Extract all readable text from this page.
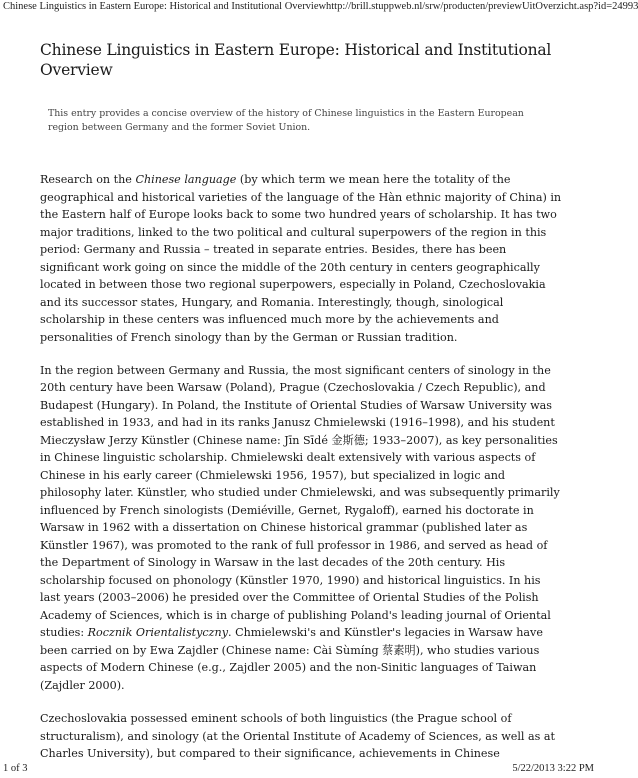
Chinese Linguistics in Eastern Europe: Historical and Institutional Overview http://brill.stuppweb.nl/srw/producten/previewUitOverzicht.asp?id=24993
Chinese Linguistics in Eastern Europe: Historical and Institutional Overview
This entry provides a concise overview of the history of Chinese linguistics in the Eastern European region between Germany and the former Soviet Union.

Research on the Chinese language (by which term we mean here the totality of the geographical and historical varieties of the language of the Hàn ethnic majority of China) in the Eastern half of Europe looks back to some two hundred years of scholarship. It has two major traditions, linked to the two political and cultural superpowers of the region in this period: Germany and Russia – treated in separate entries. Besides, there has been significant work going on since the middle of the 20th century in centers geographically located in between those two regional superpowers, especially in Poland, Czechoslovakia and its successor states, Hungary, and Romania. Interestingly, though, sinological scholarship in these centers was influenced much more by the achievements and personalities of French sinology than by the German or Russian tradition.

In the region between Germany and Russia, the most significant centers of sinology in the 20th century have been Warsaw (Poland), Prague (Czechoslovakia / Czech Republic), and Budapest (Hungary). In Poland, the Institute of Oriental Studies of Warsaw University was established in 1933, and had in its ranks Janusz Chmielewski (1916–1998), and his student Mieczysław Jerzy Künstler (Chinese name: Jīn Sīdé 金斯德; 1933–2007), as key personalities in Chinese linguistic scholarship. Chmielewski dealt extensively with various aspects of Chinese in his early career (Chmielewski 1956, 1957), but specialized in logic and philosophy later. Künstler, who studied under Chmielewski, and was subsequently primarily influenced by French sinologists (Demiéville, Gernet, Rygaloff), earned his doctorate in Warsaw in 1962 with a dissertation on Chinese historical grammar (published later as Künstler 1967), was promoted to the rank of full professor in 1986, and served as head of the Department of Sinology in Warsaw in the last decades of the 20th century. His scholarship focused on phonology (Künstler 1970, 1990) and historical linguistics. In his last years (2003–2006) he presided over the Committee of Oriental Studies of the Polish Academy of Sciences, which is in charge of publishing Poland's leading journal of Oriental studies: Rocznik Orientalistyczny. Chmielewski's and Künstler's legacies in Warsaw have been carried on by Ewa Zajdler (Chinese name: Cài Sùmíng 蔡素明), who studies various aspects of Modern Chinese (e.g., Zajdler 2005) and the non-Sinitic languages of Taiwan (Zajdler 2000).

Czechoslovakia possessed eminent schools of both linguistics (the Prague school of structuralism), and sinology (at the Oriental Institute of Academy of Sciences, as well as at Charles University), but compared to their significance, achievements in Chinese

1 of 3	5/22/2013 3:22 PM
